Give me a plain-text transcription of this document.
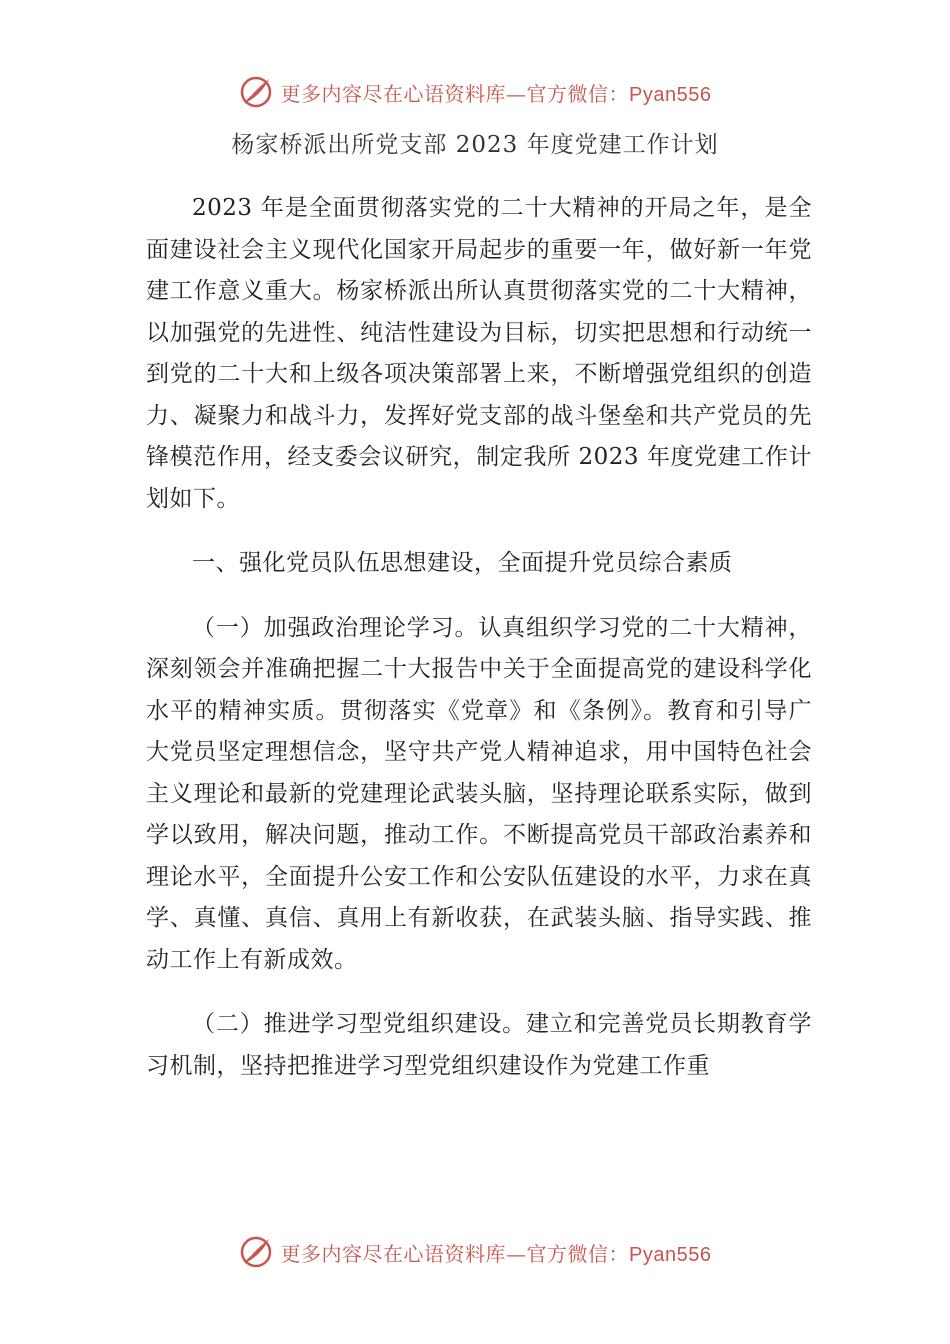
更多内容尽在心语资料库—官方微信：Pyan556
杨家桥派出所党支部 2023 年度党建工作计划

2023 年是全面贯彻落实党的二十大精神的开局之年，是全面建设社会主义现代化国家开局起步的重要一年，做好新一年党建工作意义重大。杨家桥派出所认真贯彻落实党的二十大精神，以加强党的先进性、纯洁性建设为目标，切实把思想和行动统一到党的二十大和上级各项决策部署上来，不断增强党组织的创造力、凝聚力和战斗力，发挥好党支部的战斗堡垒和共产党员的先锋模范作用，经支委会议研究，制定我所 2023 年度党建工作计划如下。

一、强化党员队伍思想建设，全面提升党员综合素质

（一）加强政治理论学习。认真组织学习党的二十大精神，深刻领会并准确把握二十大报告中关于全面提高党的建设科学化水平的精神实质。贯彻落实《党章》和《条例》。教育和引导广大党员坚定理想信念，坚守共产党人精神追求，用中国特色社会主义理论和最新的党建理论武装头脑，坚持理论联系实际，做到学以致用，解决问题，推动工作。不断提高党员干部政治素养和理论水平，全面提升公安工作和公安队伍建设的水平，力求在真学、真懂、真信、真用上有新收获，在武装头脑、指导实践、推动工作上有新成效。

（二）推进学习型党组织建设。建立和完善党员长期教育学习机制，坚持把推进学习型党组织建设作为党建工作重

更多内容尽在心语资料库—官方微信：Pyan556
